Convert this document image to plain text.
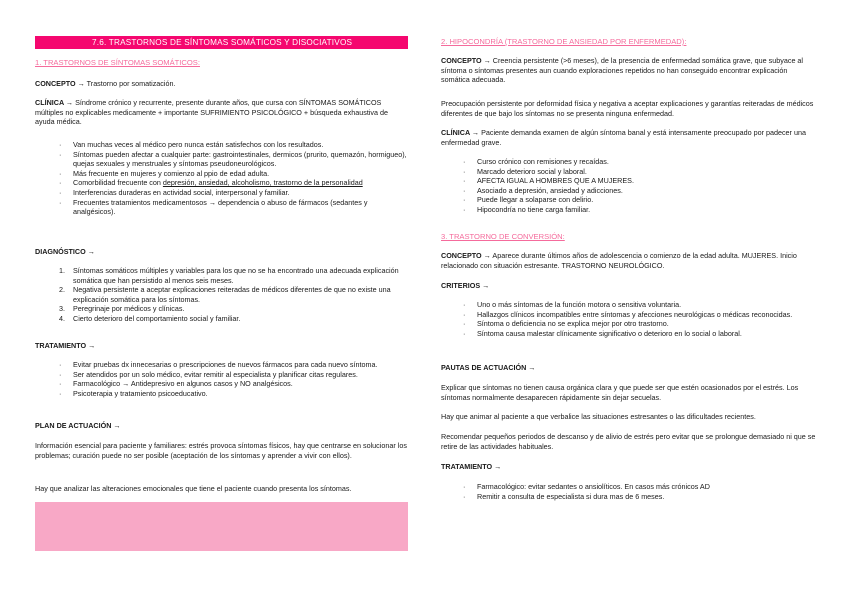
7.6. TRASTORNOS DE SÍNTOMAS SOMÁTICOS Y DISOCIATIVOS
1. TRASTORNOS DE SÍNTOMAS SOMÁTICOS:
CONCEPTO → Trastorno por somatización.
CLÍNICA → Síndrome crónico y recurrente, presente durante años, que cursa con SÍNTOMAS SOMÁTICOS múltiples no explicables medicamente + importante SUFRIMIENTO PSICOLÓGICO + búsqueda exhaustiva de ayuda médica.
· Van muchas veces al médico pero nunca están satisfechos con los resultados.
· Síntomas pueden afectar a cualquier parte: gastrointestinales, dermicos (prurito, quemazón, hormigueo), quejas sexuales y menstruales y síntomas pseudoneurológicos.
· Más frecuente en mujeres y comienzo al ppio de edad adulta.
· Comorbilidad frecuente con depresión, ansiedad, alcoholismo, trastorno de la personalidad
· Interferencias duraderas en actividad social, interpersonal y familiar.
· Frecuentes tratamientos medicamentosos → dependencia o abuso de fármacos (sedantes y analgésicos).
DIAGNÓSTICO →
1. Síntomas somáticos múltiples y variables para los que no se ha encontrado una adecuada explicación somática que han persistido al menos seis meses.
2. Negativa persistente a aceptar explicaciones reiteradas de médicos diferentes de que no existe una explicación somática para los síntomas.
3. Peregrinaje por médicos y clínicas.
4. Cierto deterioro del comportamiento social y familiar.
TRATAMIENTO →
· Evitar pruebas dx innecesarias o prescripciones de nuevos fármacos para cada nuevo síntoma.
· Ser atendidos por un solo médico, evitar remitir al especialista y planificar citas regulares.
· Farmacológico → Antidepresivo en algunos casos y NO analgésicos.
· Psicoterapia y tratamiento psicoeducativo.
PLAN DE ACTUACIÓN →
Información esencial para paciente y familiares: estrés provoca síntomas físicos, hay que centrarse en solucionar los problemas; curación puede no ser posible (aceptación de los síntomas y aprender a vivir con ellos).
Hay que analizar las alteraciones emocionales que tiene el paciente cuando presenta los síntomas.
2. HIPOCONDRÍA (TRASTORNO DE ANSIEDAD POR ENFERMEDAD):
CONCEPTO → Creencia persistente (>6 meses), de la presencia de enfermedad somática grave, que subyace al síntoma o síntomas presentes aun cuando exploraciones repetidos no han conseguido encontrar explicación somática adecuada.
Preocupación persistente por deformidad física y negativa a aceptar explicaciones y garantías reiteradas de médicos diferentes de que bajo los síntomas no se presenta ninguna enfermedad.
CLÍNICA → Paciente demanda examen de algún síntoma banal y está intensamente preocupado por padecer una enfermedad grave.
· Curso crónico con remisiones y recaídas.
· Marcado deterioro social y laboral.
· AFECTA IGUAL A HOMBRES QUE A MUJERES.
· Asociado a depresión, ansiedad y adicciones.
· Puede llegar a solaparse con delirio.
· Hipocondría no tiene carga familiar.
3. TRASTORNO DE CONVERSIÓN:
CONCEPTO → Aparece durante últimos años de adolescencia o comienzo de la edad adulta. MUJERES. Inicio relacionado con situación estresante. TRASTORNO NEUROLÓGICO.
CRITERIOS →
· Uno o más síntomas de la función motora o sensitiva voluntaria.
· Hallazgos clínicos incompatibles entre síntomas y afecciones neurológicas o médicas reconocidas.
· Síntoma o deficiencia no se explica mejor por otro trastorno.
· Síntoma causa malestar clínicamente significativo o deterioro en lo social o laboral.
PAUTAS DE ACTUACIÓN →
Explicar que síntomas no tienen causa orgánica clara y que puede ser que estén ocasionados por el estrés. Los síntomas normalmente desaparecen rápidamente sin dejar secuelas.
Hay que animar al paciente a que verbalice las situaciones estresantes o las dificultades recientes.
Recomendar pequeños periodos de descanso y de alivio de estrés pero evitar que se prolongue demasiado ni que se retire de las actividades habituales.
TRATAMIENTO →
· Farmacológico: evitar sedantes o ansiolíticos. En casos más crónicos AD
· Remitir a consulta de especialista si dura mas de 6 meses.
